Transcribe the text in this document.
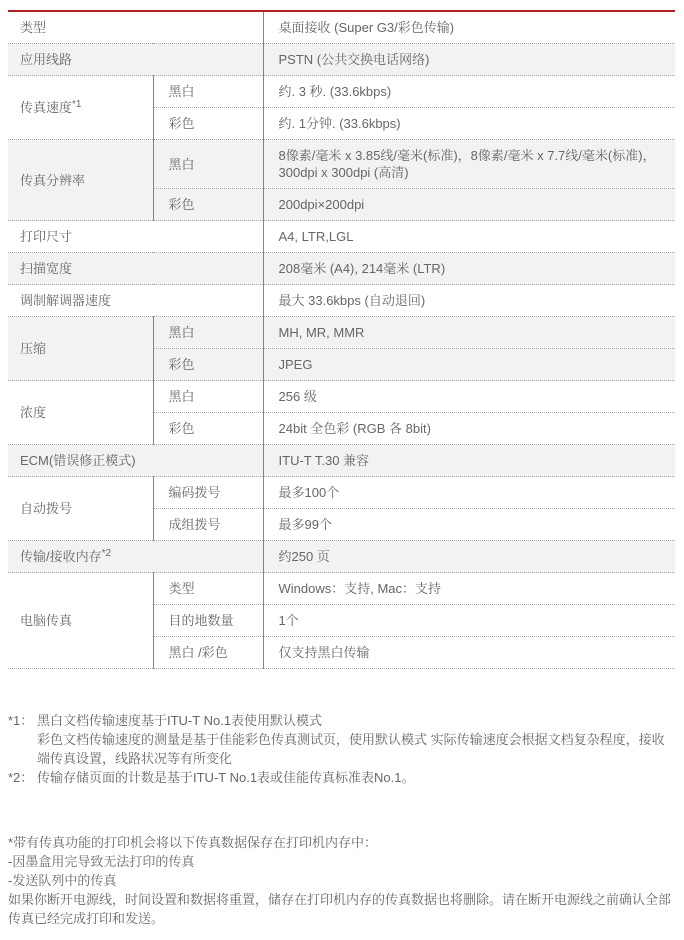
类型		桌面接收 (Super G3/彩色传输)
应用线路		PSTN (公共交换电话网络)
传真速度$^{*1}$	黑白	约. 3 秒. (33.6kbps)
	彩色	约. 1分钟. (33.6kbps)
传真分辨率	黑白	8像素/毫米 x 3.85线/毫米(标准)，8像素/毫米 x 7.7线/毫米(标准)，300dpi x 300dpi (高清)
	彩色	200dpi×200dpi
打印尺寸		A4, LTR,LGL
扫描宽度		208毫米 (A4), 214毫米 (LTR)
调制解调器速度		最大 33.6kbps (自动退回)
压缩	黑白	MH, MR, MMR
	彩色	JPEG
浓度	黑白	256 级
	彩色	24bit 全色彩 (RGB 各 8bit)
ECM(错误修正模式)		ITU-T T.30 兼容
自动拨号	编码拨号	最多100个
	成组拨号	最多99个
传输/接收内存$^{*2}$		约250 页
电脑传真	类型	Windows：支持, Mac：支持
	目的地数量	1个
	黑白 /彩色	仅支持黑白传输
*1： 黑白文档传输速度基于ITU-T No.1表使用默认模式
彩色文档传输速度的测量是基于佳能彩色传真测试页，使用默认模式 实际传输速度会根据文档复杂程度，接收端传真设置，线路状况等有所变化
*2： 传输存储页面的计数是基于ITU-T No.1表或佳能传真标准表No.1。
*带有传真功能的打印机会将以下传真数据保存在打印机内存中：
-因墨盒用完导致无法打印的传真
-发送队列中的传真
如果你断开电源线，时间设置和数据将重置，储存在打印机内存的传真数据也将删除。请在断开电源线之前确认全部传真已经完成打印和发送。
